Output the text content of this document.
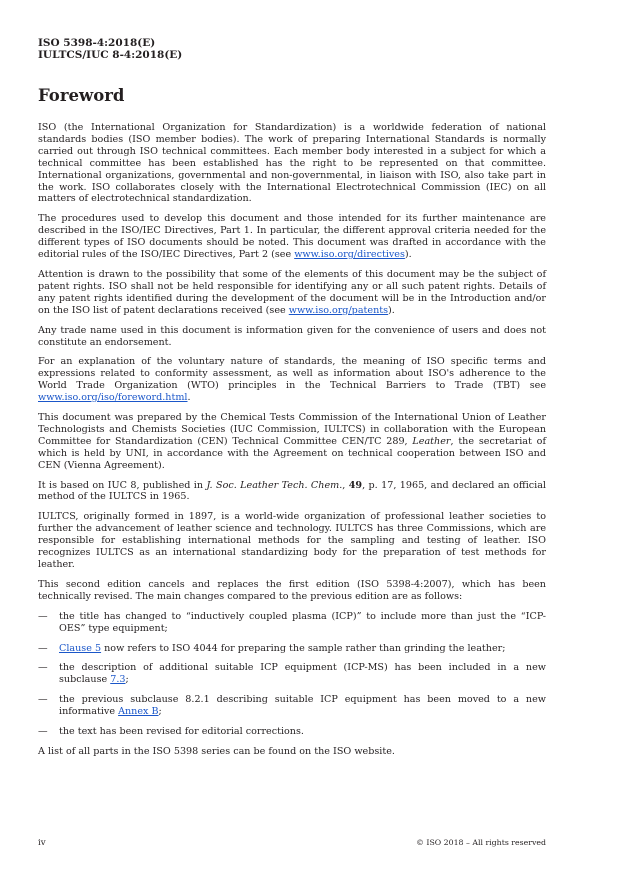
ISO 5398-4:2018(E)
IULTCS/IUC 8-4:2018(E)
Foreword

ISO (the International Organization for Standardization) is a worldwide federation of national standards bodies (ISO member bodies). The work of preparing International Standards is normally carried out through ISO technical committees. Each member body interested in a subject for which a technical committee has been established has the right to be represented on that committee. International organizations, governmental and non-governmental, in liaison with ISO, also take part in the work. ISO collaborates closely with the International Electrotechnical Commission (IEC) on all matters of electrotechnical standardization.

The procedures used to develop this document and those intended for its further maintenance are described in the ISO/IEC Directives, Part 1. In particular, the different approval criteria needed for the different types of ISO documents should be noted. This document was drafted in accordance with the editorial rules of the ISO/IEC Directives, Part 2 (see www.iso.org/directives).

Attention is drawn to the possibility that some of the elements of this document may be the subject of patent rights. ISO shall not be held responsible for identifying any or all such patent rights. Details of any patent rights identified during the development of the document will be in the Introduction and/or on the ISO list of patent declarations received (see www.iso.org/patents).

Any trade name used in this document is information given for the convenience of users and does not constitute an endorsement.

For an explanation of the voluntary nature of standards, the meaning of ISO specific terms and expressions related to conformity assessment, as well as information about ISO's adherence to the World Trade Organization (WTO) principles in the Technical Barriers to Trade (TBT) see www.iso.org/iso/foreword.html.

This document was prepared by the Chemical Tests Commission of the International Union of Leather Technologists and Chemists Societies (IUC Commission, IULTCS) in collaboration with the European Committee for Standardization (CEN) Technical Committee CEN/TC 289, Leather, the secretariat of which is held by UNI, in accordance with the Agreement on technical cooperation between ISO and CEN (Vienna Agreement).

It is based on IUC 8, published in J. Soc. Leather Tech. Chem., 49, p. 17, 1965, and declared an official method of the IULTCS in 1965.

IULTCS, originally formed in 1897, is a world-wide organization of professional leather societies to further the advancement of leather science and technology. IULTCS has three Commissions, which are responsible for establishing international methods for the sampling and testing of leather. ISO recognizes IULTCS as an international standardizing body for the preparation of test methods for leather.

This second edition cancels and replaces the first edition (ISO 5398-4:2007), which has been technically revised. The main changes compared to the previous edition are as follows:

—	the title has changed to “inductively coupled plasma (ICP)” to include more than just the “ICP-OES” type equipment;
—	Clause 5 now refers to ISO 4044 for preparing the sample rather than grinding the leather;
—	the description of additional suitable ICP equipment (ICP-MS) has been included in a new subclause 7.3;
—	the previous subclause 8.2.1 describing suitable ICP equipment has been moved to a new informative Annex B;
—	the text has been revised for editorial corrections.

A list of all parts in the ISO 5398 series can be found on the ISO website.

iv	© ISO 2018 – All rights reserved
